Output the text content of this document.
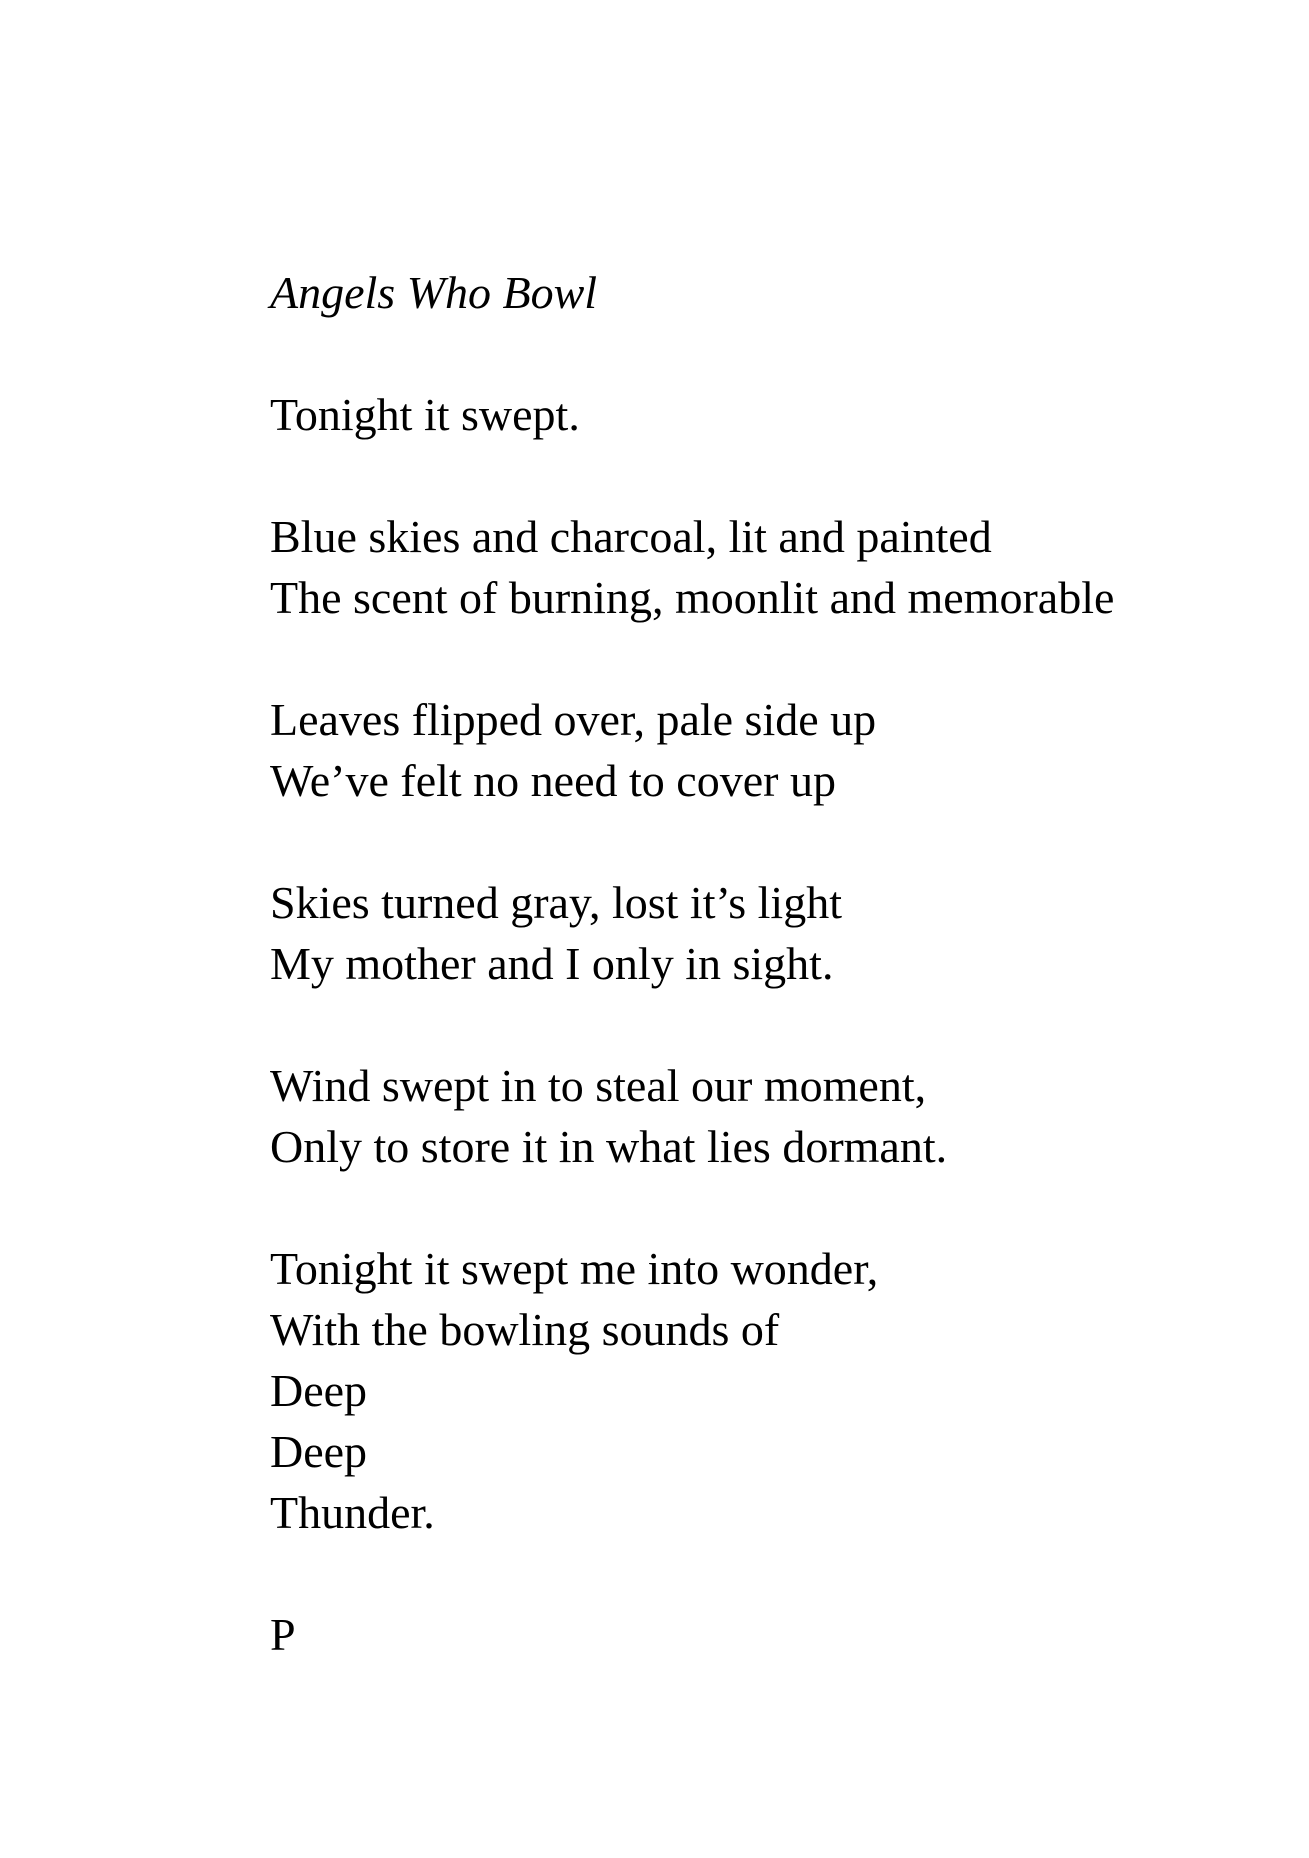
Angels Who Bowl
Tonight it swept.
Blue skies and charcoal, lit and painted
The scent of burning, moonlit and memorable
Leaves flipped over, pale side up
We’ve felt no need to cover up
Skies turned gray, lost it’s light
My mother and I only in sight.
Wind swept in to steal our moment,
Only to store it in what lies dormant.
Tonight it swept me into wonder,
With the bowling sounds of
Deep
Deep
Thunder.
P
